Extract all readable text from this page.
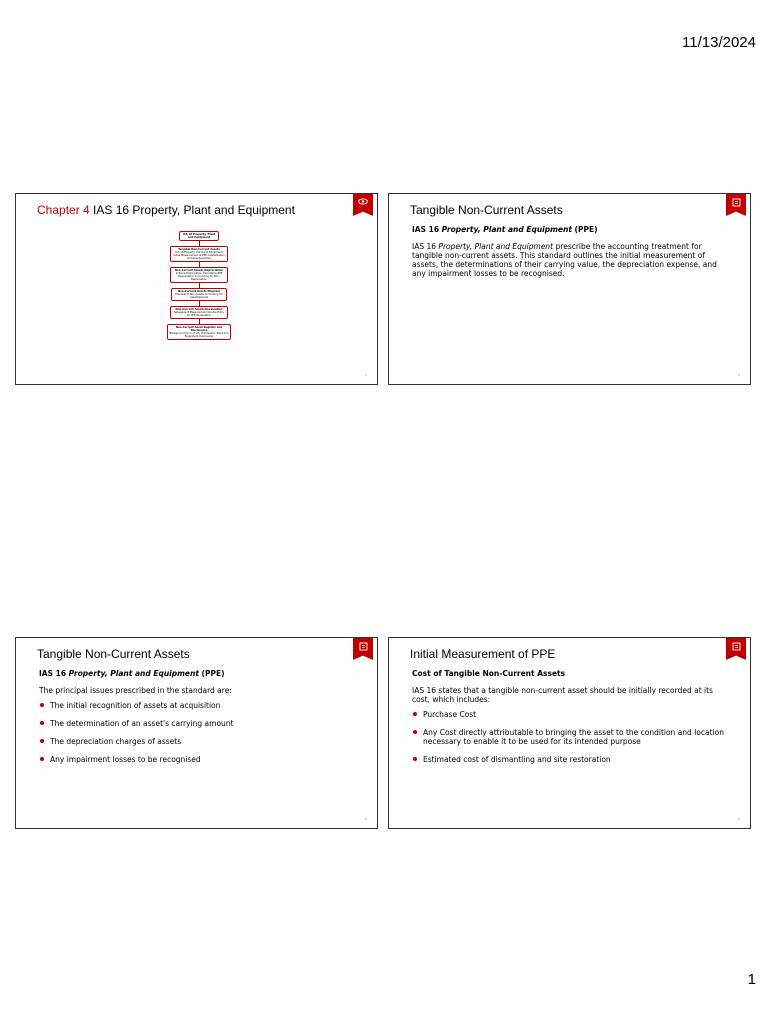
11/13/2024
Chapter 4 IAS 16 Property, Plant and Equipment
IAS 16 Property, Plant and Equipment
Tangible Non-Current Assets
IAS 16 Property, Plant and Equipment Initial Measurement of PPE Capitalisation of Sub-expenditure
Non-Current Assets Depreciation
Initial & Depreciation Calculating PPE Depreciation Accounting for Non-Depreciation
Non-Current Assets Disposal
Disposal of Non-Assets Accounting for Asset Disposal
Non-Current Assets Revaluation
Subsequent Measurement Double Entry for PPE Revaluation
Non-Current Asset Register and Disclosures
Background Form of IAS 16 Property, Plant and Equipment Disclosures
1
Tangible Non-Current Assets
IAS 16 Property, Plant and Equipment (PPE)
IAS 16 Property, Plant and Equipment prescribe the accounting treatment for tangible non-current assets. This standard outlines the initial measurement of assets, the determinations of their carrying value, the depreciation expense, and any impairment losses to be recognised.
2
Tangible Non-Current Assets
IAS 16 Property, Plant and Equipment (PPE)
The principal issues prescribed in the standard are:
The initial recognition of assets at acquisition
The determination of an asset's carrying amount
The depreciation charges of assets
Any impairment losses to be recognised
3
Initial Measurement of PPE
Cost of Tangible Non-Current Assets
IAS 16 states that a tangible non-current asset should be initially recorded at its cost, which includes:
Purchase Cost
Any Cost directly attributable to bringing the asset to the condition and location necessary to enable it to be used for its intended purpose
Estimated cost of dismantling and site restoration
4
1
